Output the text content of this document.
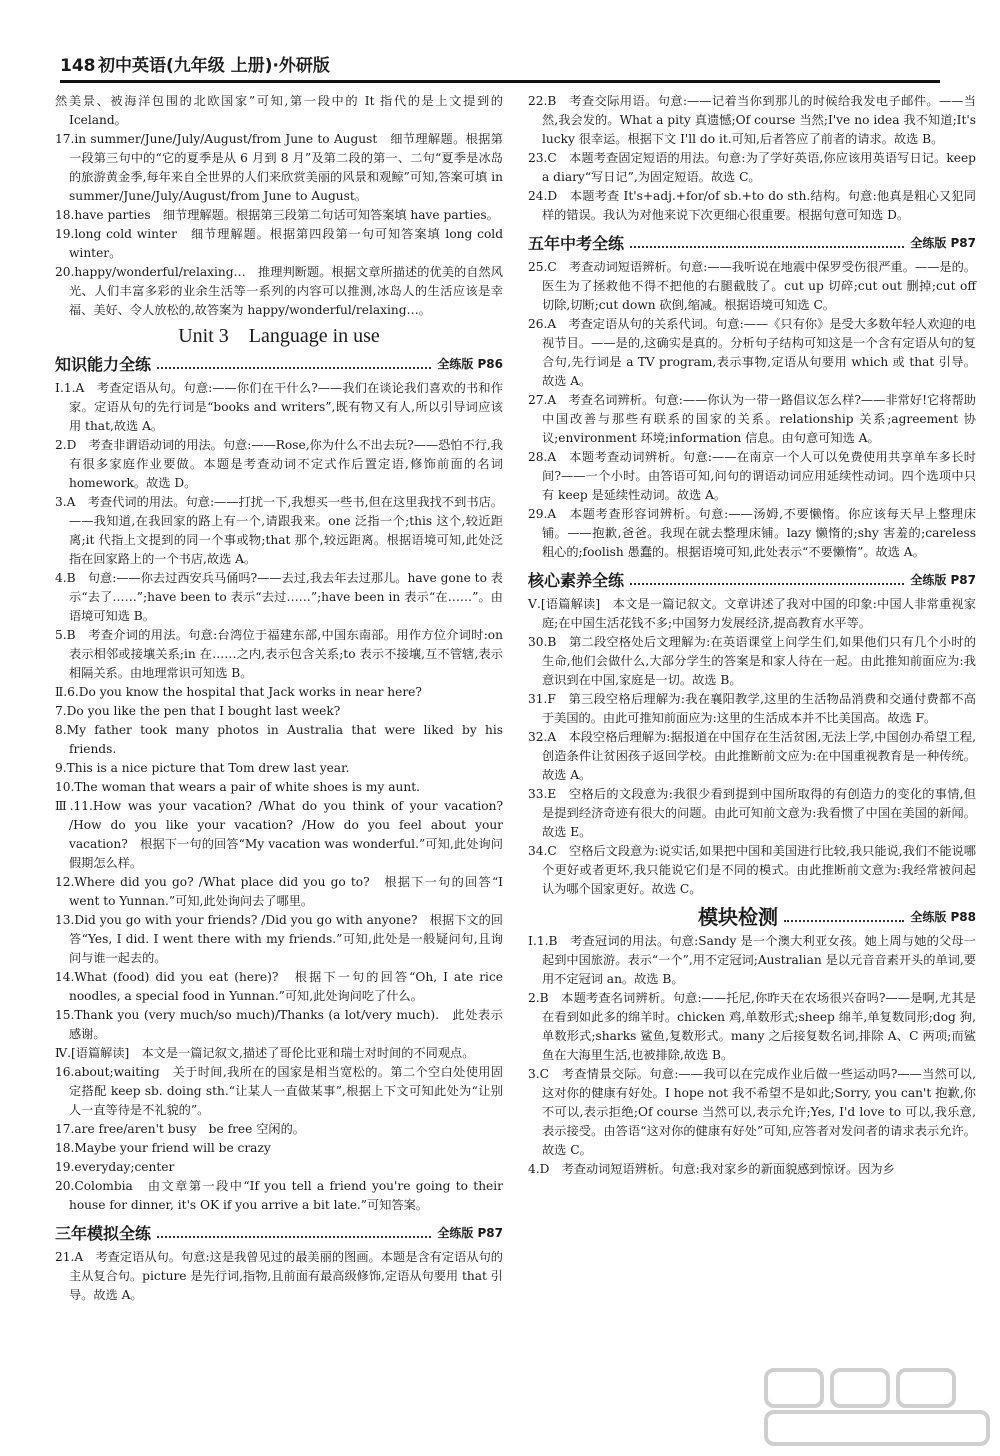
148 初中英语(九年级 上册)·外研版

然美景、被海洋包围的北欧国家”可知,第一段中的 It 指代的是上文提到的 Iceland。

17.in summer/June/July/August/from June to August　细节理解题。根据第一段第三句中的“它的夏季是从 6 月到 8 月”及第二段的第一、二句“夏季是冰岛的旅游黄金季,每年来自全世界的人们来欣赏美丽的风景和观鲸”可知,答案可填 in summer/June/July/August/from June to August。

18.have parties　细节理解题。根据第三段第二句话可知答案填 have parties。

19.long cold winter　细节理解题。根据第四段第一句可知答案填 long cold winter。

20.happy/wonderful/relaxing…　推理判断题。根据文章所描述的优美的自然风光、人们丰富多彩的业余生活等一系列的内容可以推测,冰岛人的生活应该是幸福、美好、令人放松的,故答案为 happy/wonderful/relaxing…。

Unit 3　Language in use
知识能力全练	全练版 P86

Ⅰ.1.A　考查定语从句。句意:——你们在干什么?——我们在谈论我们喜欢的书和作家。定语从句的先行词是“books and writers”,既有物又有人,所以引导词应该用 that,故选 A。

2.D　考查非谓语动词的用法。句意:——Rose,你为什么不出去玩?——恐怕不行,我有很多家庭作业要做。本题是考查动词不定式作后置定语,修饰前面的名词 homework。故选 D。

3.A　考查代词的用法。句意:——打扰一下,我想买一些书,但在这里我找不到书店。——我知道,在我回家的路上有一个,请跟我来。one 泛指一个;this 这个,较近距离;it 代指上文提到的同一个事或物;that 那个,较远距离。根据语境可知,此处泛指在回家路上的一个书店,故选 A。

4.B　句意:——你去过西安兵马俑吗?——去过,我去年去过那儿。have gone to 表示“去了……”;have been to 表示“去过……”;have been in 表示“在……”。由语境可知选 B。

5.B　考查介词的用法。句意:台湾位于福建东部,中国东南部。用作方位介词时:on 表示相邻或接壤关系;in 在……之内,表示包含关系;to 表示不接壤,互不管辖,表示相隔关系。由地理常识可知选 B。

Ⅱ.6.Do you know the hospital that Jack works in near here?

7.Do you like the pen that I bought last week?

8.My father took many photos in Australia that were liked by his friends.

9.This is a nice picture that Tom drew last year.

10.The woman that wears a pair of white shoes is my aunt.

Ⅲ.11.How was your vacation? /What do you think of your vacation? /How do you like your vacation? /How do you feel about your vacation?　根据下一句的回答“My vacation was wonderful.”可知,此处询问假期怎么样。

12.Where did you go? /What place did you go to?　根据下一句的回答“I went to Yunnan.”可知,此处询问去了哪里。

13.Did you go with your friends? /Did you go with anyone?　根据下文的回答“Yes, I did. I went there with my friends.”可知,此处是一般疑问句,且询问与谁一起去的。

14.What (food) did you eat (here)?　根据下一句的回答“Oh, I ate rice noodles, a special food in Yunnan.”可知,此处询问吃了什么。

15.Thank you (very much/so much)/Thanks (a lot/very much).　此处表示感谢。

Ⅳ.[语篇解读]　本文是一篇记叙文,描述了哥伦比亚和瑞士对时间的不同观点。

16.about;waiting　关于时间,我所在的国家是相当宽松的。第二个空白处使用固定搭配 keep sb. doing sth.“让某人一直做某事”,根据上下文可知此处为“让别人一直等待是不礼貌的”。

17.are free/aren't busy　be free 空闲的。

18.Maybe your friend will be crazy

19.everyday;center

20.Colombia　由文章第一段中“If you tell a friend you're going to their house for dinner, it's OK if you arrive a bit late.”可知答案。

三年模拟全练	全练版 P87

21.A　考查定语从句。句意:这是我曾见过的最美丽的图画。本题是含有定语从句的主从复合句。picture 是先行词,指物,且前面有最高级修饰,定语从句要用 that 引导。故选 A。

22.B　考查交际用语。句意:——记着当你到那儿的时候给我发电子邮件。——当然,我会发的。What a pity 真遗憾;Of course 当然;I've no idea 我不知道;It's lucky 很幸运。根据下文 I'll do it.可知,后者答应了前者的请求。故选 B。

23.C　本题考查固定短语的用法。句意:为了学好英语,你应该用英语写日记。keep a diary“写日记”,为固定短语。故选 C。

24.D　本题考查 It's+adj.+for/of sb.+to do sth.结构。句意:他真是粗心又犯同样的错误。我认为对他来说下次更细心很重要。根据句意可知选 D。

五年中考全练	全练版 P87

25.C　考查动词短语辨析。句意:——我听说在地震中保罗受伤很严重。——是的。医生为了拯救他不得不把他的右腿截肢了。cut up 切碎;cut out 删掉;cut off 切除,切断;cut down 砍倒,缩减。根据语境可知选 C。

26.A　考查定语从句的关系代词。句意:——《只有你》是受大多数年轻人欢迎的电视节目。——是的,这确实是真的。分析句子结构可知这是一个含有定语从句的复合句,先行词是 a TV program,表示事物,定语从句要用 which 或 that 引导。故选 A。

27.A　考查名词辨析。句意:——你认为一带一路倡议怎么样?——非常好!它将帮助中国改善与那些有联系的国家的关系。relationship 关系;agreement 协议;environment 环境;information 信息。由句意可知选 A。

28.A　本题考查动词辨析。句意:——在南京一个人可以免费使用共享单车多长时间?——一个小时。由答语可知,问句的谓语动词应用延续性动词。四个选项中只有 keep 是延续性动词。故选 A。

29.A　本题考查形容词辨析。句意:——汤姆,不要懒惰。你应该每天早上整理床铺。——抱歉,爸爸。我现在就去整理床铺。lazy 懒惰的;shy 害羞的;careless 粗心的;foolish 愚蠢的。根据语境可知,此处表示“不要懒惰”。故选 A。

核心素养全练	全练版 P87

Ⅴ.[语篇解读]　本文是一篇记叙文。文章讲述了我对中国的印象:中国人非常重视家庭;在中国生活花钱不多;中国努力发展经济,提高教育水平等。

30.B　第二段空格处后文理解为:在英语课堂上问学生们,如果他们只有几个小时的生命,他们会做什么,大部分学生的答案是和家人待在一起。由此推知前面应为:我意识到在中国,家庭是一切。故选 B。

31.F　第三段空格后理解为:我在襄阳教学,这里的生活物品消费和交通付费都不高于美国的。由此可推知前面应为:这里的生活成本并不比美国高。故选 F。

32.A　本段空格后理解为:据报道在中国存在生活贫困,无法上学,中国创办希望工程,创造条件让贫困孩子返回学校。由此推断前文应为:在中国重视教育是一种传统。故选 A。

33.E　空格后的文段意为:我很少看到提到中国所取得的有创造力的变化的事情,但是提到经济奇迹有很大的问题。由此可知前文意为:我看惯了中国在美国的新闻。故选 E。

34.C　空格后文段意为:说实话,如果把中国和美国进行比较,我只能说,我们不能说哪个更好或者更坏,我只能说它们是不同的模式。由此推断前文意为:我经常被问起认为哪个国家更好。故选 C。

模块检测	全练版 P88

Ⅰ.1.B　考查冠词的用法。句意:Sandy 是一个澳大利亚女孩。她上周与她的父母一起到中国旅游。表示“一个”,用不定冠词;Australian 是以元音音素开头的单词,要用不定冠词 an。故选 B。

2.B　本题考查名词辨析。句意:——托尼,你昨天在农场很兴奋吗?——是啊,尤其是在看到如此多的绵羊时。chicken 鸡,单数形式;sheep 绵羊,单复数同形;dog 狗,单数形式;sharks 鲨鱼,复数形式。many 之后接复数名词,排除 A、C 两项;而鲨鱼在大海里生活,也被排除,故选 B。

3.C　考查情景交际。句意:——我可以在完成作业后做一些运动吗?——当然可以,这对你的健康有好处。I hope not 我不希望不是如此;Sorry, you can't 抱歉,你不可以,表示拒绝;Of course 当然可以,表示允许;Yes, I'd love to 可以,我乐意,表示接受。由答语“这对你的健康有好处”可知,应答者对发问者的请求表示允许。故选 C。

4.D　考查动词短语辨析。句意:我对家乡的新面貌感到惊讶。因为乡
